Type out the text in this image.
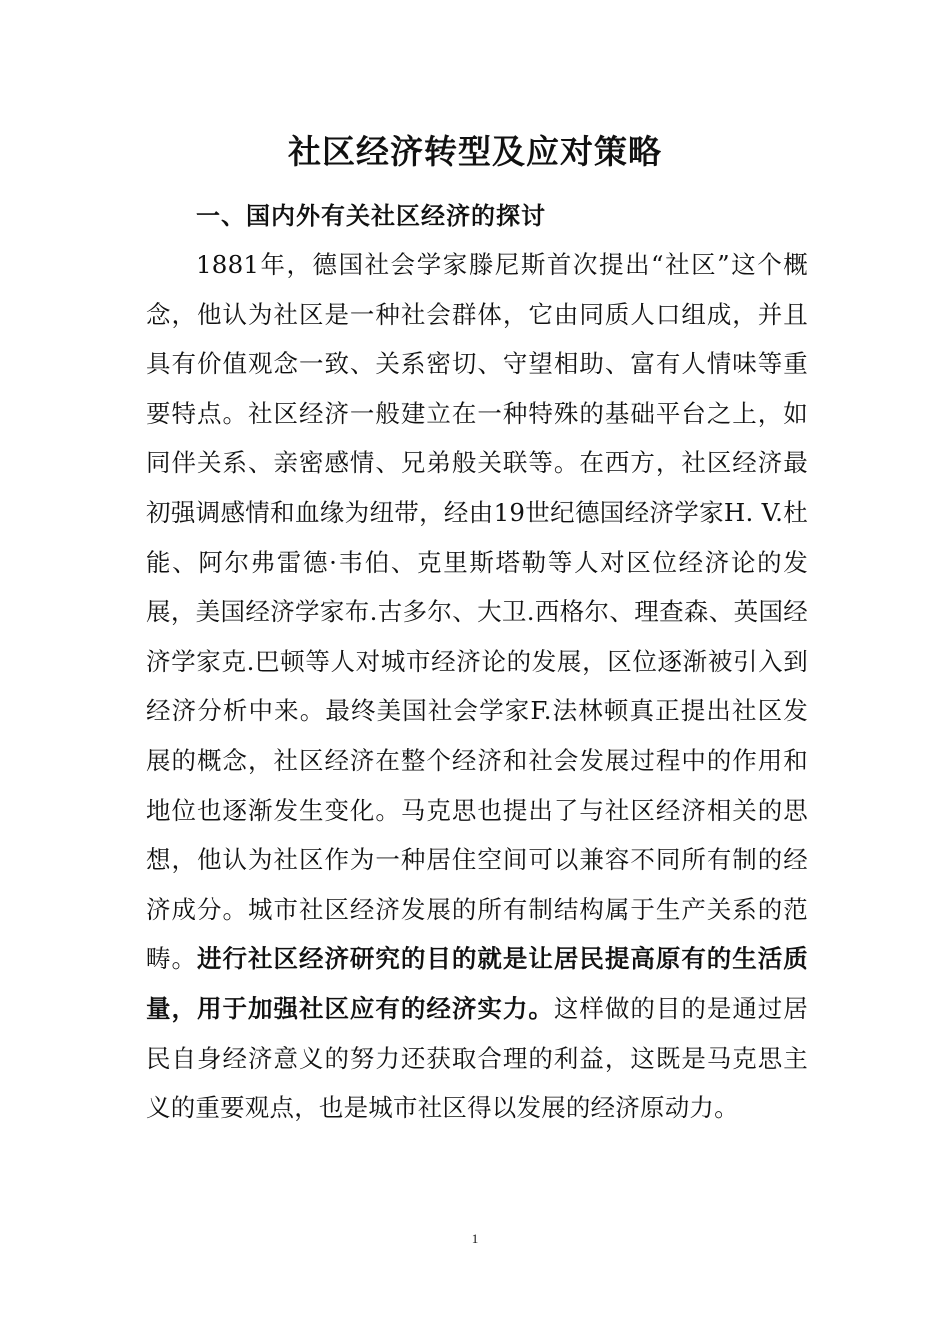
社区经济转型及应对策略
一、国内外有关社区经济的探讨

1881年，德国社会学家滕尼斯首次提出“社区”这个概念，他认为社区是一种社会群体，它由同质人口组成，并且具有价值观念一致、关系密切、守望相助、富有人情味等重要特点。社区经济一般建立在一种特殊的基础平台之上，如同伴关系、亲密感情、兄弟般关联等。在西方，社区经济最初强调感情和血缘为纽带，经由19世纪德国经济学家H. V.杜能、阿尔弗雷德·韦伯、克里斯塔勒等人对区位经济论的发展，美国经济学家布.古多尔、大卫.西格尔、理查森、英国经济学家克.巴顿等人对城市经济论的发展，区位逐渐被引入到经济分析中来。最终美国社会学家F.法林顿真正提出社区发展的概念，社区经济在整个经济和社会发展过程中的作用和地位也逐渐发生变化。马克思也提出了与社区经济相关的思想，他认为社区作为一种居住空间可以兼容不同所有制的经济成分。城市社区经济发展的所有制结构属于生产关系的范畴。进行社区经济研究的目的就是让居民提高原有的生活质量，用于加强社区应有的经济实力。这样做的目的是通过居民自身经济意义的努力还获取合理的利益，这既是马克思主义的重要观点，也是城市社区得以发展的经济原动力。

1
